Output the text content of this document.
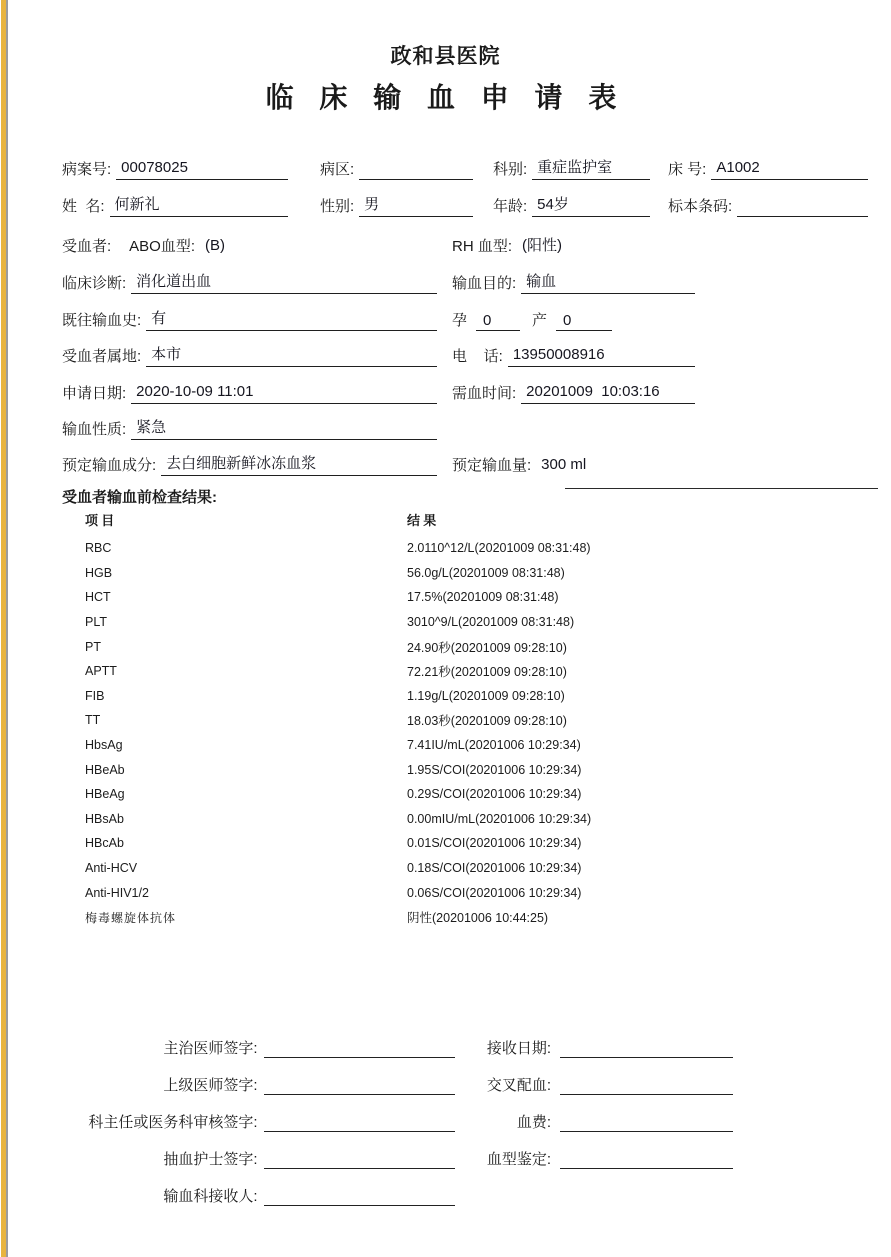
政和县医院
临 床 输 血 申 请 表
病案号: 00078025	病区:	科别: 重症监护室	床 号: A1002
姓  名: 何新礼	性别: 男	年龄: 54岁	标本条码:
受血者: ABO血型: (B)	RH 血型: (阳性)
临床诊断: 消化道出血	输血目的: 输血
既往输血史: 有	孕	0	产	0
受血者属地: 本市	电    话: 13950008916
申请日期: 2020-10-09 11:01	需血时间: 20201009  10:03:16
输血性质: 紧急
预定输血成分: 去白细胞新鲜冰冻血浆	预定输血量: 300 ml
受血者输血前检查结果:
项 目	结 果
RBC	2.0110^12/L(20201009 08:31:48)
HGB	56.0g/L(20201009 08:31:48)
HCT	17.5%(20201009 08:31:48)
PLT	3010^9/L(20201009 08:31:48)
PT	24.90秒(20201009 09:28:10)
APTT	72.21秒(20201009 09:28:10)
FIB	1.19g/L(20201009 09:28:10)
TT	18.03秒(20201009 09:28:10)
HbsAg	7.41IU/mL(20201006 10:29:34)
HBeAb	1.95S/COI(20201006 10:29:34)
HBeAg	0.29S/COI(20201006 10:29:34)
HBsAb	0.00mIU/mL(20201006 10:29:34)
HBcAb	0.01S/COI(20201006 10:29:34)
Anti-HCV	0.18S/COI(20201006 10:29:34)
Anti-HIV1/2	0.06S/COI(20201006 10:29:34)
梅毒螺旋体抗体	阴性(20201006 10:44:25)
主治医师签字:	接收日期:
上级医师签字:	交叉配血:
科主任或医务科审核签字:	血费:
抽血护士签字:	血型鉴定:
输血科接收人:
